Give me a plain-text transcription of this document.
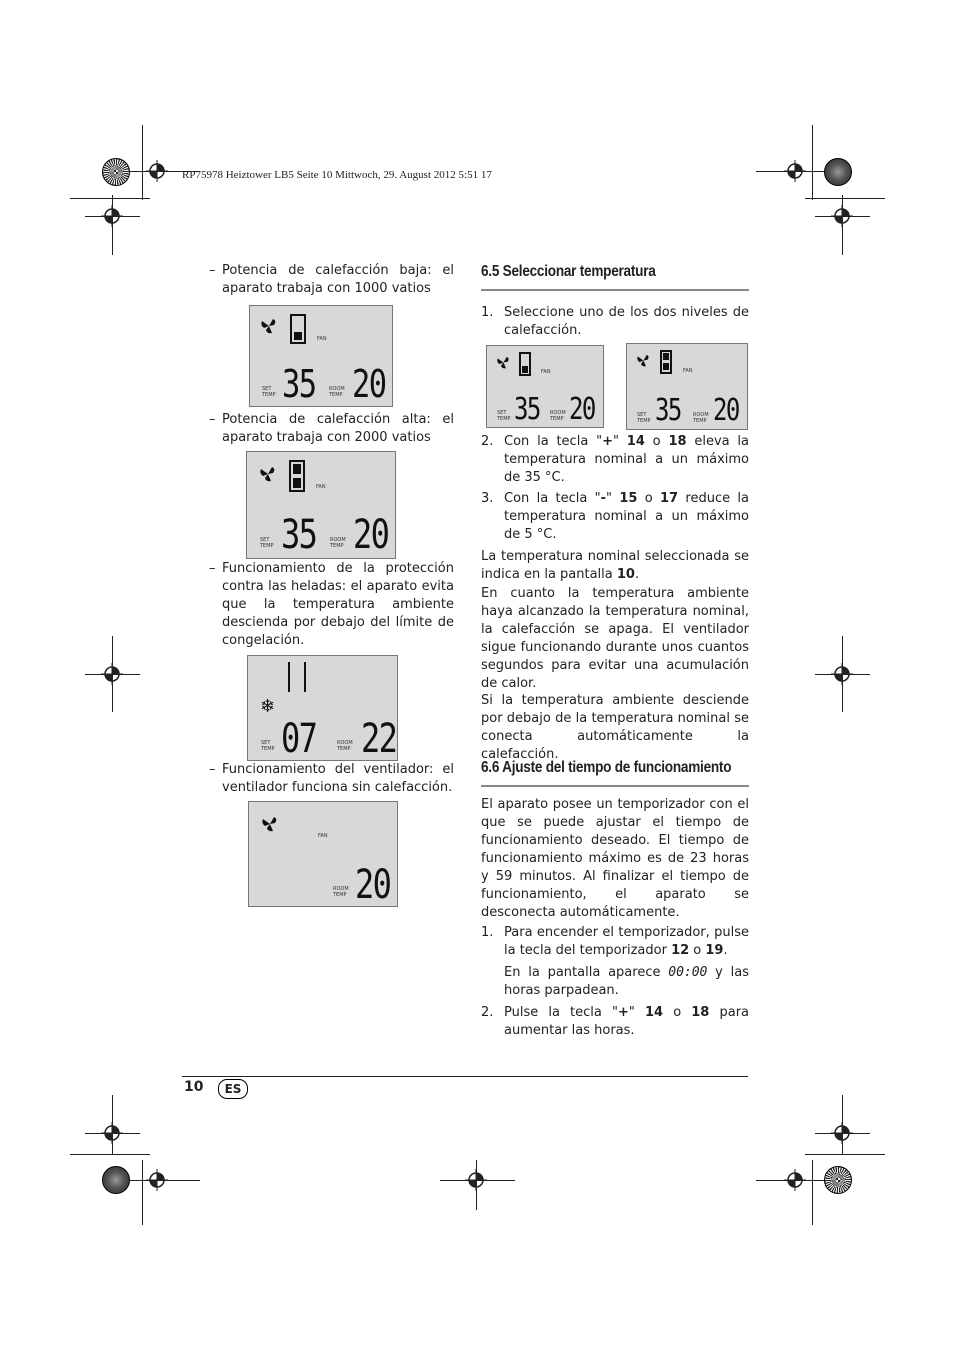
RP75978 Heiztower LB5 Seite 10 Mittwoch, 29. August 2012 5:51 17
– Potencia de calefacción baja: el aparato trabaja con 1000 vatios
FAN
SET TEMP 35	ROOM TEMP 20
– Potencia de calefacción alta: el aparato trabaja con 2000 vatios
FAN
SET TEMP 35	ROOM TEMP 20
– Funcionamiento de la protección contra las heladas: el aparato evita que la temperatura ambiente descienda por debajo del límite de congelación.
❄
SET TEMP 07	ROOM TEMP 22
– Funcionamiento del ventilador: el ventilador funciona sin calefacción.
FAN
ROOM TEMP 20
6.5 Seleccionar temperatura
1. Seleccione uno de los dos niveles de calefacción.
FAN
SET TEMP 35 ROOM TEMP 20
FAN
SET TEMP 35 ROOM TEMP 20
2. Con la tecla "+" 14 o 18 eleva la temperatura nominal a un máximo de 35 °C.
3. Con la tecla "-" 15 o 17 reduce la temperatura nominal a un máximo de 5 °C.
La temperatura nominal seleccionada se indica en la pantalla 10.
En cuanto la temperatura ambiente haya alcanzado la temperatura nominal, la calefacción se apaga. El ventilador sigue funcionando durante unos cuantos segundos para evitar una acumulación de calor.
Si la temperatura ambiente desciende por debajo de la temperatura nominal se conecta automáticamente la calefacción.
6.6 Ajuste del tiempo de funcionamiento
El aparato posee un temporizador con el que se puede ajustar el tiempo de funcionamiento deseado. El tiempo de funcionamiento máximo es de 23 horas y 59 minutos. Al finalizar el tiempo de funcionamiento, el aparato se desconecta automáticamente.
1. Para encender el temporizador, pulse la tecla del temporizador 12 o 19.
En la pantalla aparece 00:00 y las horas parpadean.
2. Pulse la tecla "+" 14 o 18 para aumentar las horas.
10	ES
